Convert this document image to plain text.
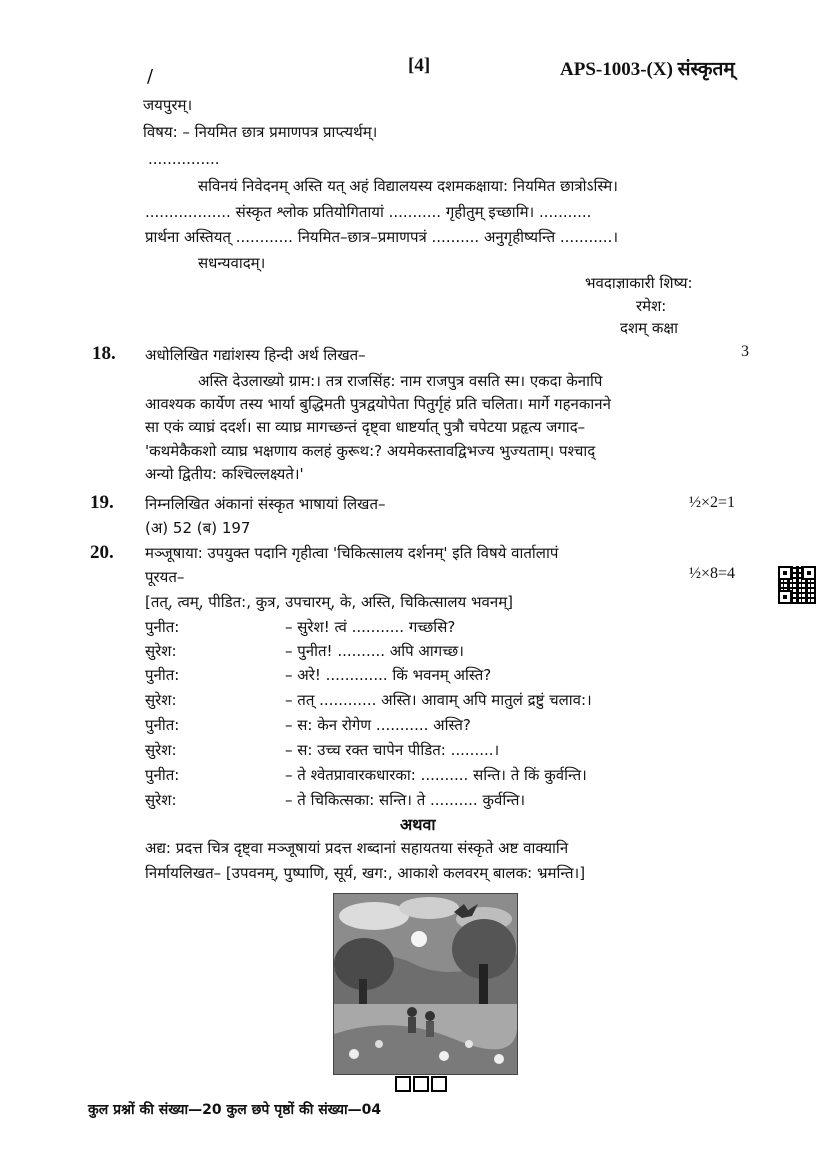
[4]	APS-1003-(X) संस्कृतम्
/
जयपुरम्।
विषय: – नियमित छात्र प्रमाणपत्र प्राप्त्यर्थम्।
...............
सविनयं निवेदनम् अस्ति यत् अहं विद्यालयस्य दशमकक्षाया: नियमित छात्रोऽस्मि।
.................. संस्कृत श्लोक प्रतियोगितायां ........... गृहीतुम् इच्छामि। ...........
प्रार्थना अस्तियत् ............ नियमित–छात्र–प्रमाणपत्रं .......... अनुगृहीष्यन्ति ...........।
सधन्यवादम्।
भवदाज्ञाकारी शिष्य:
रमेश:
दशम् कक्षा
18. अधोलिखित गद्यांशस्य हिन्दी अर्थ लिखत–	3
अस्ति देउलाख्यो ग्राम:। तत्र राजसिंह: नाम राजपुत्र वसति स्म। एकदा केनापि
आवश्यक कार्येण तस्य भार्या बुद्धिमती पुत्रद्वयोपेता पितुर्गृहं प्रति चलिता। मार्गे गहनकानने
सा एकं व्याघ्रं ददर्श। सा व्याघ्र मागच्छन्तं दृष्ट्वा धाष्टर्यात् पुत्रौ चपेटया प्रहृत्य जगाद–
'कथमेकैकशो व्याघ्र भक्षणाय कलहं कुरूथ:? अयमेकस्तावद्विभज्य भुज्यताम्। पश्चाद्
अन्यो द्वितीय: कश्चिल्लक्ष्यते।'
19. निम्नलिखित अंकानां संस्कृत भाषायां लिखत–	½×2=1
(अ) 52 (ब) 197
20. मञ्जूषाया: उपयुक्त पदानि गृहीत्वा 'चिकित्सालय दर्शनम्' इति विषये वार्तालापं
पूरयत–	½×8=4
[तत्, त्वम्, पीडित:, कुत्र, उपचारम्, के, अस्ति, चिकित्सालय भवनम्]
पुनीत:	– सुरेश! त्वं ........... गच्छसि?
सुरेश:	– पुनीत! .......... अपि आगच्छ।
पुनीत:	– अरे! ............. किं भवनम् अस्ति?
सुरेश:	– तत् ............ अस्ति। आवाम् अपि मातुलं द्रष्टुं चलाव:।
पुनीत:	– स: केन रोगेण ........... अस्ति?
सुरेश:	– स: उच्च रक्त चापेन पीडित: .........।
पुनीत:	– ते श्वेतप्रावारकधारका: .......... सन्ति। ते किं कुर्वन्ति।
सुरेश:	– ते चिकित्सका: सन्ति। ते .......... कुर्वन्ति।
अथवा
अद्य: प्रदत्त चित्र दृष्ट्वा मञ्जूषायां प्रदत्त शब्दानां सहायतया संस्कृते अष्ट वाक्यानि
निर्मायलिखत– [उपवनम्, पुष्पाणि, सूर्य, खग:, आकाशे कलवरम् बालक: भ्रमन्ति।]
कुल प्रश्नों की संख्या—20 कुल छपे पृष्ठों की संख्या—04
